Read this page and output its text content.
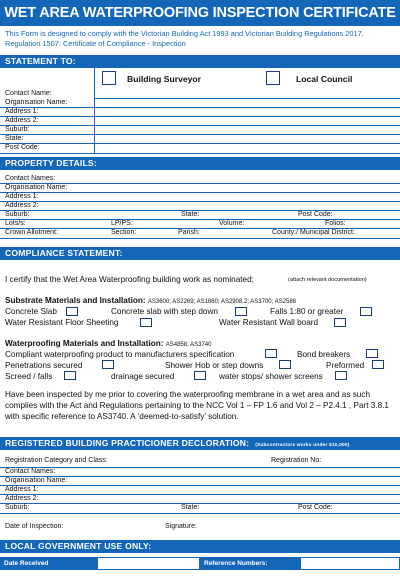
WET AREA WATERPROOFING INSPECTION CERTIFICATE
This Form is designed to comply with the Victorian Building Act 1993 and Victorian Building Regulations 2017. Regulation 1507: Certificate of Compliance - Inspection
STATEMENT TO:
Building Surveyor	Local Council
Contact Name:
Organisation Name:
Address 1:
Address 2:
Suburb:
State:
Post Code:
PROPERTY DETAILS:
Contact Names:
Organisation Name:
Address 1:
Address 2:
Suburb:	State:	Post Code:
Lots/s:	LP/PS:	Volume:	Folios:
Crown Allotment:	Section:	Parish:	County:/ Municipal District:
COMPLIANCE STATEMENT:
I certify that the Wet Area Waterproofing building work as nominated;	(attach relevant documentation)
Substrate Materials and Installation: AS3600; AS2269; AS1860; AS2908.2; AS3700; AS2588
Concrete Slab	Concrete slab with step down	Falls 1:80 or greater
Water Resistant Floor Sheeting	Water Resistant Wall board
Waterproofing Materials and Installation: AS4858; AS3740
Compliant waterproofing product to manufacturers specification	Bond breakers
Penetrations secured	Shower Hob or step downs	Preformed
Screed / falls	drainage secured	water stops/ shower screens
Have been inspected by me prior to covering the waterproofing membrane in a wet area and as such complies with the Act and Regulations pertaining to the NCC Vol 1 – FP 1.6 and Vol 2 – P2.4.1 , Part 3.8.1 with specific reference to AS3740. A ‘deemed-to-satisfy’ solution.
REGISTERED BUILDING PRACTICIONER DECLORATION: (Subcontractors works under $10,000)
Registration Category and Class:	Registration No:
Contact Names:
Organisation Name:
Address 1:
Address 2:
Suburb:	State:	Post Code:
Date of Inspection:	Signature:
LOCAL GOVERNMENT USE ONLY:
Date Received	Reference Numbers:
